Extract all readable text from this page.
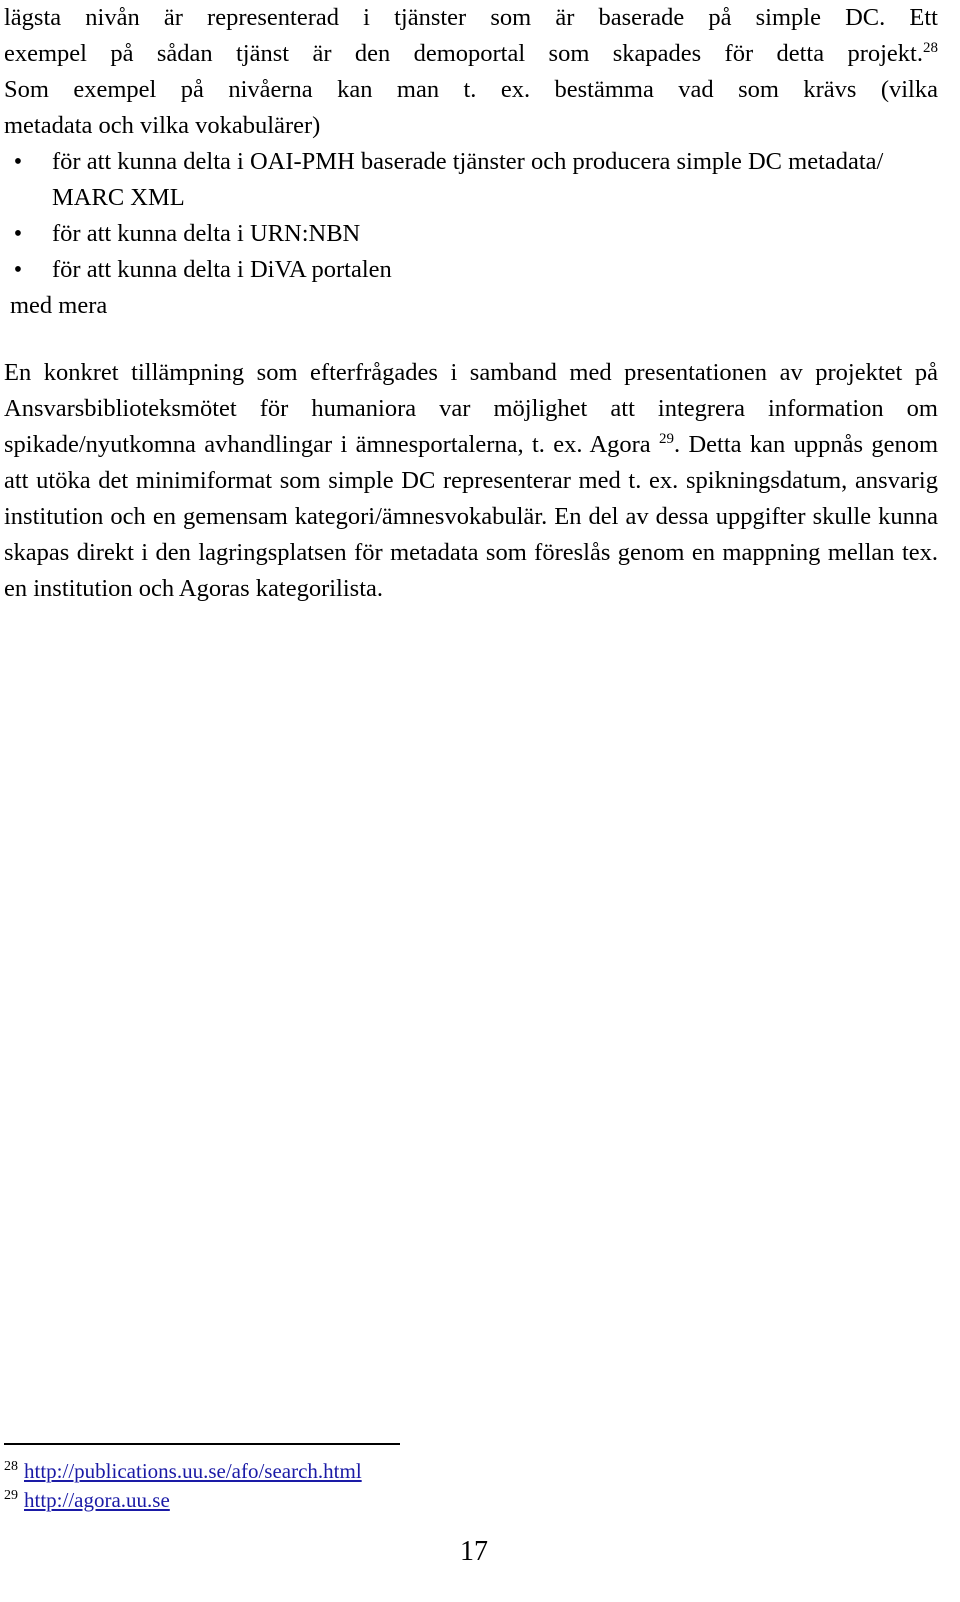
lägsta nivån är representerad i tjänster som är baserade på simple DC. Ett

exempel på sådan tjänst är den demoportal som skapades för detta projekt.$^{28}$

Som exempel på nivåerna kan man t. ex. bestämma vad som krävs (vilka

metadata och vilka vokabulärer)

•	för att kunna delta i OAI-PMH baserade tjänster och producera simple DC metadata/ MARC XML
•	för att kunna delta i URN:NBN
•	för att kunna delta i DiVA portalen

med mera

En konkret tillämpning som efterfrågades i samband med presentationen av projektet på Ansvarsbiblioteksmötet för humaniora var möjlighet att integrera information om spikade/nyutkomna avhandlingar i ämnesportalerna, t. ex. Agora $^{29}$. Detta kan uppnås genom att utöka det minimiformat som simple DC representerar med t. ex. spikningsdatum, ansvarig institution och en gemensam kategori/ämnesvokabulär. En del av dessa uppgifter skulle kunna skapas direkt i den lagringsplatsen för metadata som föreslås genom en mappning mellan tex. en institution och Agoras kategorilista.

$^{28}$ http://publications.uu.se/afo/search.html

$^{29}$ http://agora.uu.se

17
